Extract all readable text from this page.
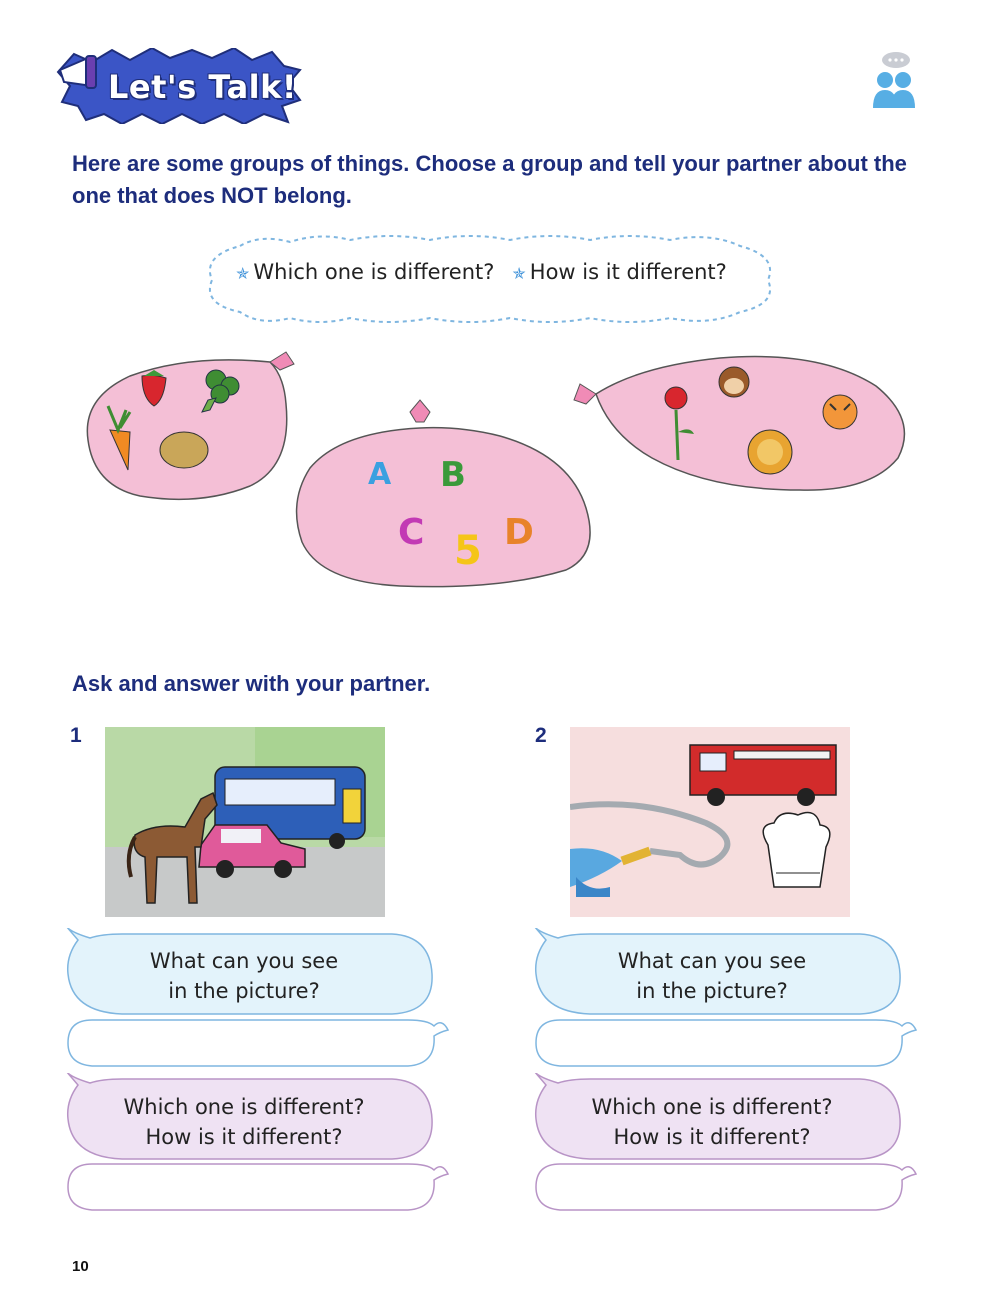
Let's Talk!
Here are some groups of things. Choose a group and tell your partner about the one that does NOT belong.
✯ Which one is different? ✯ How is it different?
A B
C 5 D
Ask and answer with your partner.
1	2
What can you see
in the picture?
Which one is different?
How is it different?
What can you see
in the picture?
Which one is different?
How is it different?
10
